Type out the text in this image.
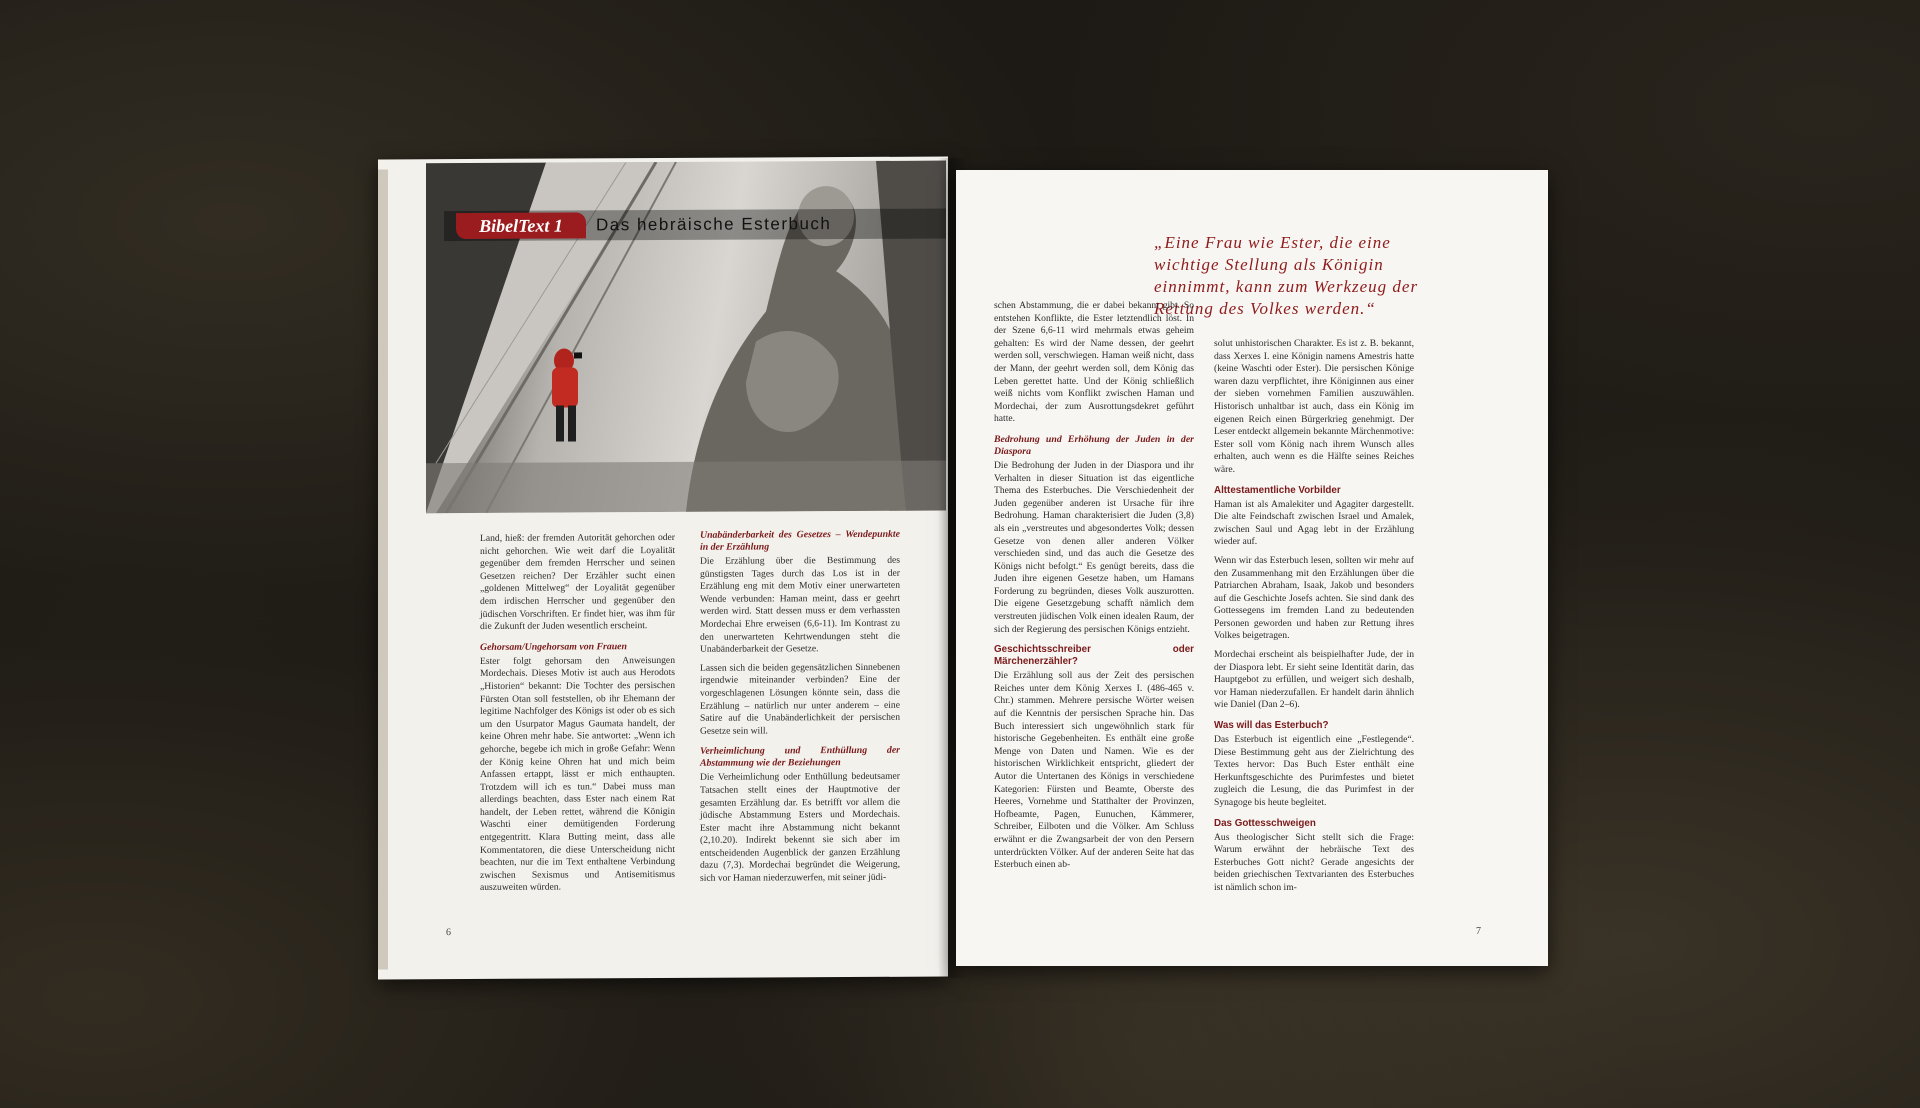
BibelText 1	Das hebräische Esterbuch

Land, hieß: der fremden Autorität gehorchen oder nicht gehorchen. Wie weit darf die Loyalität gegenüber dem fremden Herrscher und seinen Gesetzen reichen? Der Erzähler sucht einen „goldenen Mittelweg“ der Loyalität gegenüber dem irdischen Herrscher und gegenüber den jüdischen Vorschriften. Er findet hier, was ihm für die Zukunft der Juden wesentlich erscheint.

Gehorsam/Ungehorsam von Frauen

Ester folgt gehorsam den Anweisungen Mordechais. Dieses Motiv ist auch aus Herodots „Historien“ bekannt: Die Tochter des persischen Fürsten Otan soll feststellen, ob ihr Ehemann der legitime Nachfolger des Königs ist oder ob es sich um den Usurpator Magus Gaumata handelt, der keine Ohren mehr habe. Sie antwortet: „Wenn ich gehorche, begebe ich mich in große Gefahr: Wenn der König keine Ohren hat und mich beim Anfassen ertappt, lässt er mich enthaupten. Trotzdem will ich es tun.“ Dabei muss man allerdings beachten, dass Ester nach einem Rat handelt, der Leben rettet, während die Königin Waschti einer demütigenden Forderung entgegentritt. Klara Butting meint, dass alle Kommentatoren, die diese Unterscheidung nicht beachten, nur die im Text enthaltene Verbindung zwischen Sexismus und Antisemitismus auszuweiten würden.

Unabänderbarkeit des Gesetzes – Wendepunkte in der Erzählung

Die Erzählung über die Bestimmung des günstigsten Tages durch das Los ist in der Erzählung eng mit dem Motiv einer unerwarteten Wende verbunden: Haman meint, dass er geehrt werden wird. Statt dessen muss er dem verhassten Mordechai Ehre erweisen (6,6-11). Im Kontrast zu den unerwarteten Kehrtwendungen steht die Unabänderbarkeit der Gesetze.

Lassen sich die beiden gegensätzlichen Sinnebenen irgendwie miteinander verbinden? Eine der vorgeschlagenen Lösungen könnte sein, dass die Erzählung – natürlich nur unter anderem – eine Satire auf die Unabänderlichkeit der persischen Gesetze sein will.

Verheimlichung und Enthüllung der Abstammung wie der Beziehungen

Die Verheimlichung oder Enthüllung bedeutsamer Tatsachen stellt eines der Hauptmotive der gesamten Erzählung dar. Es betrifft vor allem die jüdische Abstammung Esters und Mordechais. Ester macht ihre Abstammung nicht bekannt (2,10.20). Indirekt bekennt sie sich aber im entscheidenden Augenblick der ganzen Erzählung dazu (7,3). Mordechai begründet die Weigerung, sich vor Haman niederzuwerfen, mit seiner jüdi-

6
„Eine Frau wie Ester, die eine wichtige Stellung als Königin einnimmt, kann zum Werkzeug der Rettung des Volkes werden.“

schen Abstammung, die er dabei bekannt gibt. So entstehen Konflikte, die Ester letztendlich löst. In der Szene 6,6-11 wird mehrmals etwas geheim gehalten: Es wird der Name dessen, der geehrt werden soll, verschwiegen. Haman weiß nicht, dass der Mann, der geehrt werden soll, dem König das Leben gerettet hatte. Und der König schließlich weiß nichts vom Konflikt zwischen Haman und Mordechai, der zum Ausrottungsdekret geführt hatte.

Bedrohung und Erhöhung der Juden in der Diaspora

Die Bedrohung der Juden in der Diaspora und ihr Verhalten in dieser Situation ist das eigentliche Thema des Esterbuches. Die Verschiedenheit der Juden gegenüber anderen ist Ursache für ihre Bedrohung. Haman charakterisiert die Juden (3,8) als ein „verstreutes und abgesondertes Volk; dessen Gesetze von denen aller anderen Völker verschieden sind, und das auch die Gesetze des Königs nicht befolgt.“ Es genügt bereits, dass die Juden ihre eigenen Gesetze haben, um Hamans Forderung zu begründen, dieses Volk auszurotten. Die eigene Gesetzgebung schafft nämlich dem verstreuten jüdischen Volk einen idealen Raum, der sich der Regierung des persischen Königs entzieht.

Geschichtsschreiber oder Märchenerzähler?

Die Erzählung soll aus der Zeit des persischen Reiches unter dem König Xerxes I. (486-465 v. Chr.) stammen. Mehrere persische Wörter weisen auf die Kenntnis der persischen Sprache hin. Das Buch interessiert sich ungewöhnlich stark für historische Gegebenheiten. Es enthält eine große Menge von Daten und Namen. Wie es der historischen Wirklichkeit entspricht, gliedert der Autor die Untertanen des Königs in verschiedene Kategorien: Fürsten und Beamte, Oberste des Heeres, Vornehme und Statthalter der Provinzen, Hofbeamte, Pagen, Eunuchen, Kämmerer, Schreiber, Eilboten und die Völker. Am Schluss erwähnt er die Zwangsarbeit der von den Persern unterdrückten Völker. Auf der anderen Seite hat das Esterbuch einen ab-

solut unhistorischen Charakter. Es ist z. B. bekannt, dass Xerxes I. eine Königin namens Amestris hatte (keine Waschti oder Ester). Die persischen Könige waren dazu verpflichtet, ihre Königinnen aus einer der sieben vornehmen Familien auszuwählen. Historisch unhaltbar ist auch, dass ein König im eigenen Reich einen Bürgerkrieg genehmigt. Der Leser entdeckt allgemein bekannte Märchenmotive: Ester soll vom König nach ihrem Wunsch alles erhalten, auch wenn es die Hälfte seines Reiches wäre.

Alttestamentliche Vorbilder

Haman ist als Amalekiter und Agagiter dargestellt. Die alte Feindschaft zwischen Israel und Amalek, zwischen Saul und Agag lebt in der Erzählung wieder auf.

Wenn wir das Esterbuch lesen, sollten wir mehr auf den Zusammenhang mit den Erzählungen über die Patriarchen Abraham, Isaak, Jakob und besonders auf die Geschichte Josefs achten. Sie sind dank des Gottessegens im fremden Land zu bedeutenden Personen geworden und haben zur Rettung ihres Volkes beigetragen.

Mordechai erscheint als beispielhafter Jude, der in der Diaspora lebt. Er sieht seine Identität darin, das Hauptgebot zu erfüllen, und weigert sich deshalb, vor Haman niederzufallen. Er handelt darin ähnlich wie Daniel (Dan 2–6).

Was will das Esterbuch?

Das Esterbuch ist eigentlich eine „Festlegende“. Diese Bestimmung geht aus der Zielrichtung des Textes hervor: Das Buch Ester enthält eine Herkunftsgeschichte des Purimfestes und bietet zugleich die Lesung, die das Purimfest in der Synagoge bis heute begleitet.

Das Gottesschweigen

Aus theologischer Sicht stellt sich die Frage: Warum erwähnt der hebräische Text des Esterbuches Gott nicht? Gerade angesichts der beiden griechischen Textvarianten des Esterbuches ist nämlich schon im-

7
